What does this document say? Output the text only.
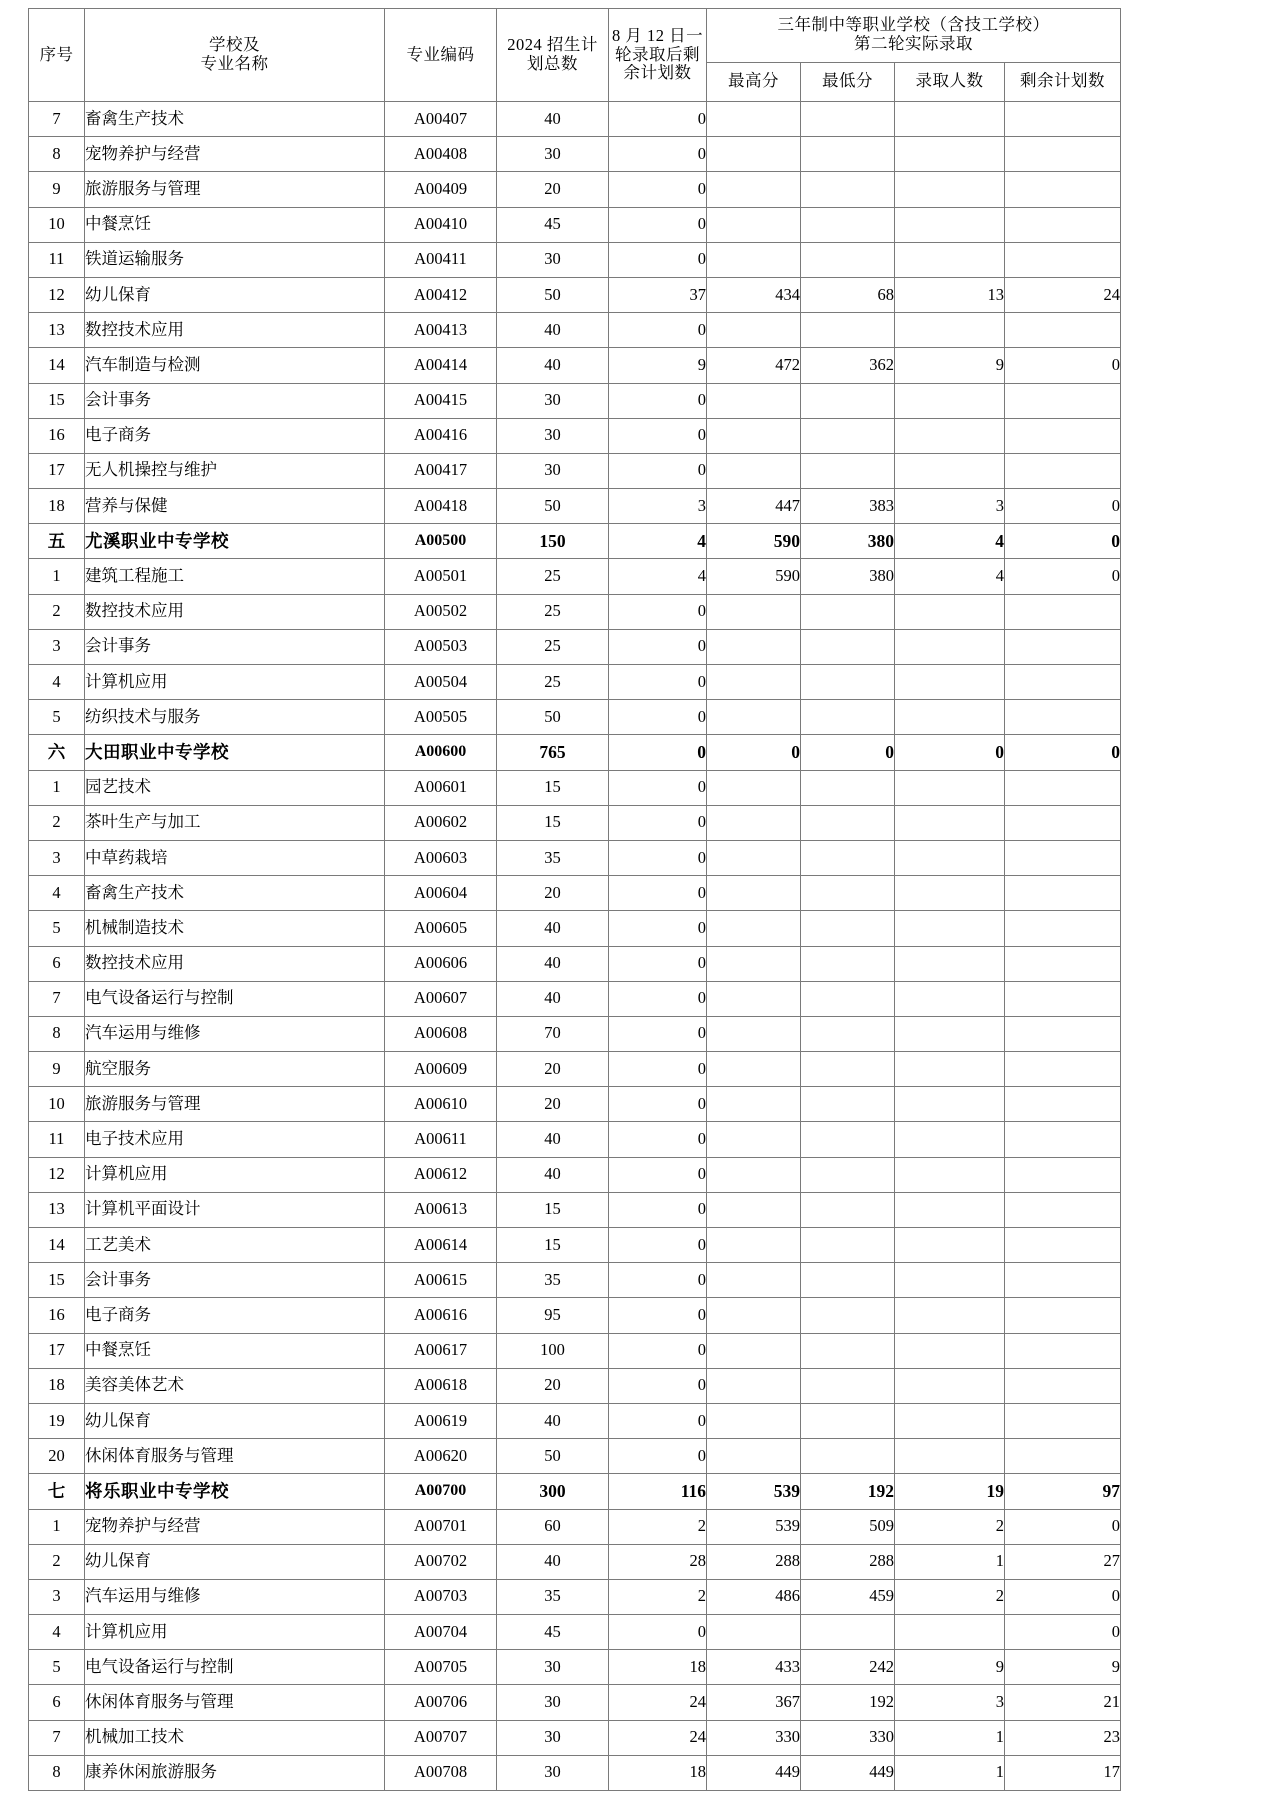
序号	学校及
专业名称	专业编码	2024 招生计
划总数	8 月 12 日一
轮录取后剩
余计划数	三年制中等职业学校（含技工学校）
第二轮实际录取			

					最高分	最低分	录取人数	剩余计划数
7	畜禽生产技术	A00407	40	0				
8	宠物养护与经营	A00408	30	0				
9	旅游服务与管理	A00409	20	0				
10	中餐烹饪	A00410	45	0				
11	铁道运输服务	A00411	30	0				
12	幼儿保育	A00412	50	37	434	68	13	24
13	数控技术应用	A00413	40	0				
14	汽车制造与检测	A00414	40	9	472	362	9	0
15	会计事务	A00415	30	0				
16	电子商务	A00416	30	0				
17	无人机操控与维护	A00417	30	0				
18	营养与保健	A00418	50	3	447	383	3	0
五	尤溪职业中专学校	A00500	150	4	590	380	4	0
1	建筑工程施工	A00501	25	4	590	380	4	0
2	数控技术应用	A00502	25	0				
3	会计事务	A00503	25	0				
4	计算机应用	A00504	25	0				
5	纺织技术与服务	A00505	50	0				
六	大田职业中专学校	A00600	765	0	0	0	0	0
1	园艺技术	A00601	15	0				
2	茶叶生产与加工	A00602	15	0				
3	中草药栽培	A00603	35	0				
4	畜禽生产技术	A00604	20	0				
5	机械制造技术	A00605	40	0				
6	数控技术应用	A00606	40	0				
7	电气设备运行与控制	A00607	40	0				
8	汽车运用与维修	A00608	70	0				
9	航空服务	A00609	20	0				
10	旅游服务与管理	A00610	20	0				
11	电子技术应用	A00611	40	0				
12	计算机应用	A00612	40	0				
13	计算机平面设计	A00613	15	0				
14	工艺美术	A00614	15	0				
15	会计事务	A00615	35	0				
16	电子商务	A00616	95	0				
17	中餐烹饪	A00617	100	0				
18	美容美体艺术	A00618	20	0				
19	幼儿保育	A00619	40	0				
20	休闲体育服务与管理	A00620	50	0				
七	将乐职业中专学校	A00700	300	116	539	192	19	97
1	宠物养护与经营	A00701	60	2	539	509	2	0
2	幼儿保育	A00702	40	28	288	288	1	27
3	汽车运用与维修	A00703	35	2	486	459	2	0
4	计算机应用	A00704	45	0				0
5	电气设备运行与控制	A00705	30	18	433	242	9	9
6	休闲体育服务与管理	A00706	30	24	367	192	3	21
7	机械加工技术	A00707	30	24	330	330	1	23
8	康养休闲旅游服务	A00708	30	18	449	449	1	17
